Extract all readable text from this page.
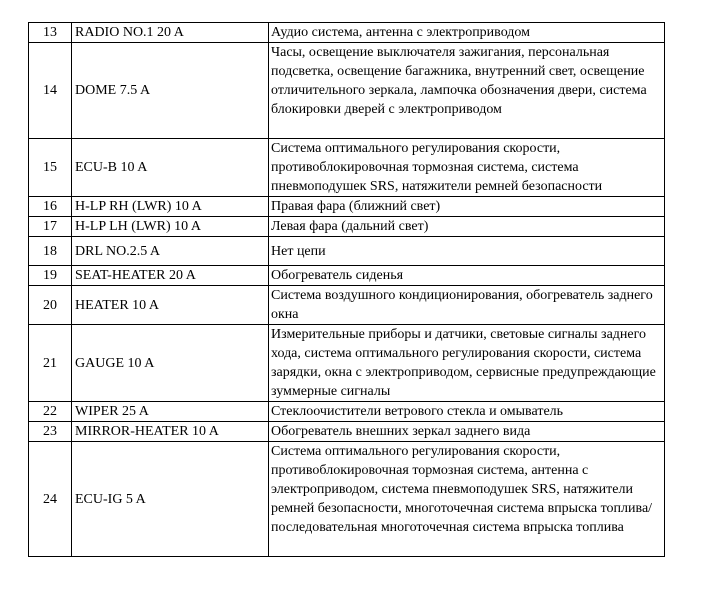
13	RADIO NO.1 20 A	Аудио система, антенна с электроприводом
14	DOME 7.5 A	Часы, освещение выключателя зажигания, персональная подсветка, освещение багажника, внутренний свет, освещение отличительного зеркала, лампочка обозначения двери, система блокировки дверей с электроприводом
15	ECU-B 10 A	Система оптимального регулирования скорости, противоблокировочная тормозная система, система пневмоподушек SRS, натяжители ремней безопасности
16	H-LP RH (LWR) 10 A	Правая фара (ближний свет)
17	H-LP LH (LWR) 10 A	Левая фара (дальний свет)
18	DRL NO.2.5 A	Нет цепи
19	SEAT-HEATER 20 A	Обогреватель сиденья
20	HEATER 10 A	Система воздушного кондиционирования, обогреватель заднего окна
21	GAUGE 10 A	Измерительные приборы и датчики, световые сигналы заднего хода, система оптимального регулирования скорости, система зарядки, окна с электроприводом, сервисные предупреждающие зуммерные сигналы
22	WIPER 25 A	Стеклоочистители ветрового стекла и омыватель
23	MIRROR-HEATER 10 A	Обогреватель внешних зеркал заднего вида
24	ECU-IG 5 A	Система оптимального регулирования скорости, противоблокировочная тормозная система, антенна с электроприводом, система пневмоподушек SRS, натяжители ремней безопасности, многоточечная система впрыска топлива/последовательная многоточечная система впрыска топлива
